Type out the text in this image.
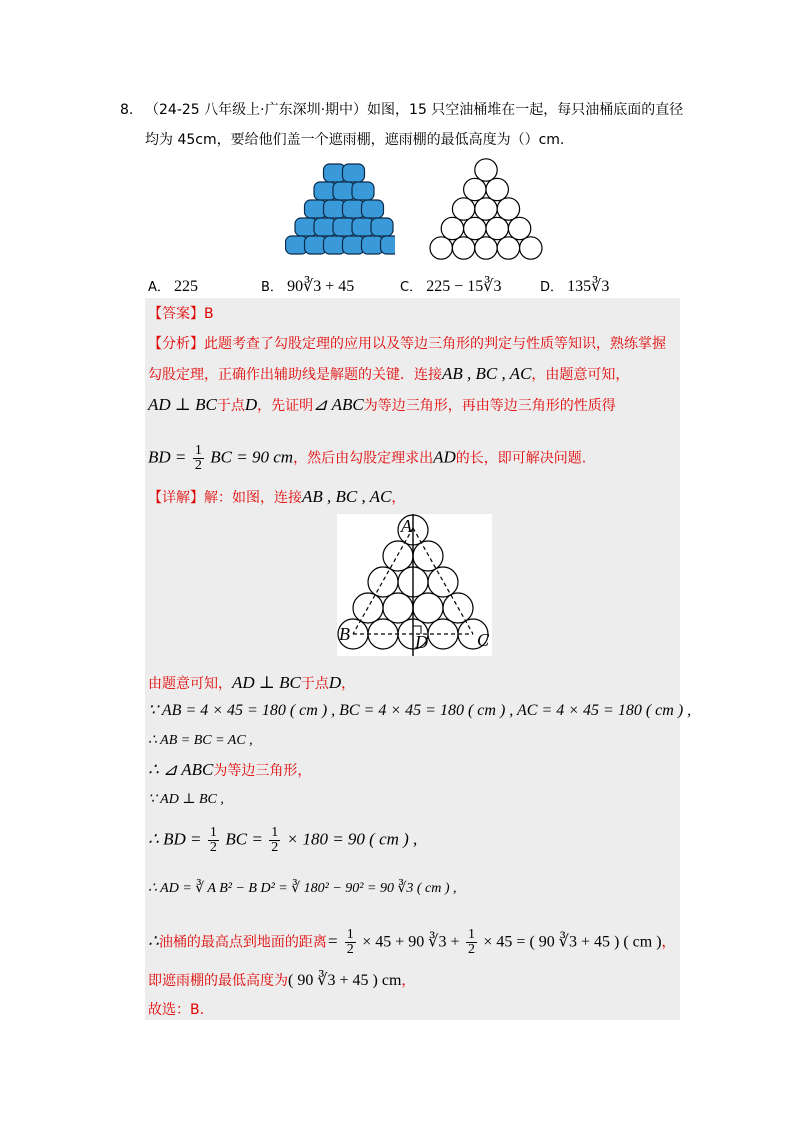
8. （24-25 八年级上·广东深圳·期中）如图，15 只空油桶堆在一起，每只油桶底面的直径
均为 45cm，要给他们盖一个遮雨棚，遮雨棚的最低高度为（）cm.
A． 225	B． 90∛3 + 45	C． 225 − 15∛3	D． 135∛3
【答案】B
【分析】此题考查了勾股定理的应用以及等边三角形的判定与性质等知识，熟练掌握
勾股定理，正确作出辅助线是解题的关键．连接AB , BC , AC，由题意可知，
AD ⊥ BC于点D，先证明⊿ ABC为等边三角形，再由等边三角形的性质得
BD = $\frac{1}{2}$ BC = 90 cm，然后由勾股定理求出AD的长，即可解决问题.
【详解】解：如图，连接AB , BC , AC，
A
B	C
D
由题意可知，AD ⊥ BC于点D，
∵ AB = 4 × 45 = 180 ( cm ) , BC = 4 × 45 = 180 ( cm ) , AC = 4 × 45 = 180 ( cm ) ,
∴ AB = BC = AC ,
∴ ⊿ ABC为等边三角形，
∵ AD ⊥ BC ,
∴ BD = $\frac{1}{2}$ BC = $\frac{1}{2} \times 180 = 90$ ( cm ) ,
∴ AD = ∛ A B² − B D² = ∛ 180² − 90² = 90 ∛3 ( cm ) ,
∴油桶的最高点到地面的距离= $\frac{1}{2} \times 45 + 90$ ∛3 + $\frac{1}{2} \times 45$ = ( 90 ∛3 + 45 ) ( cm )，
即遮雨棚的最低高度为( 90 ∛3 + 45 ) cm，
故选：B.
